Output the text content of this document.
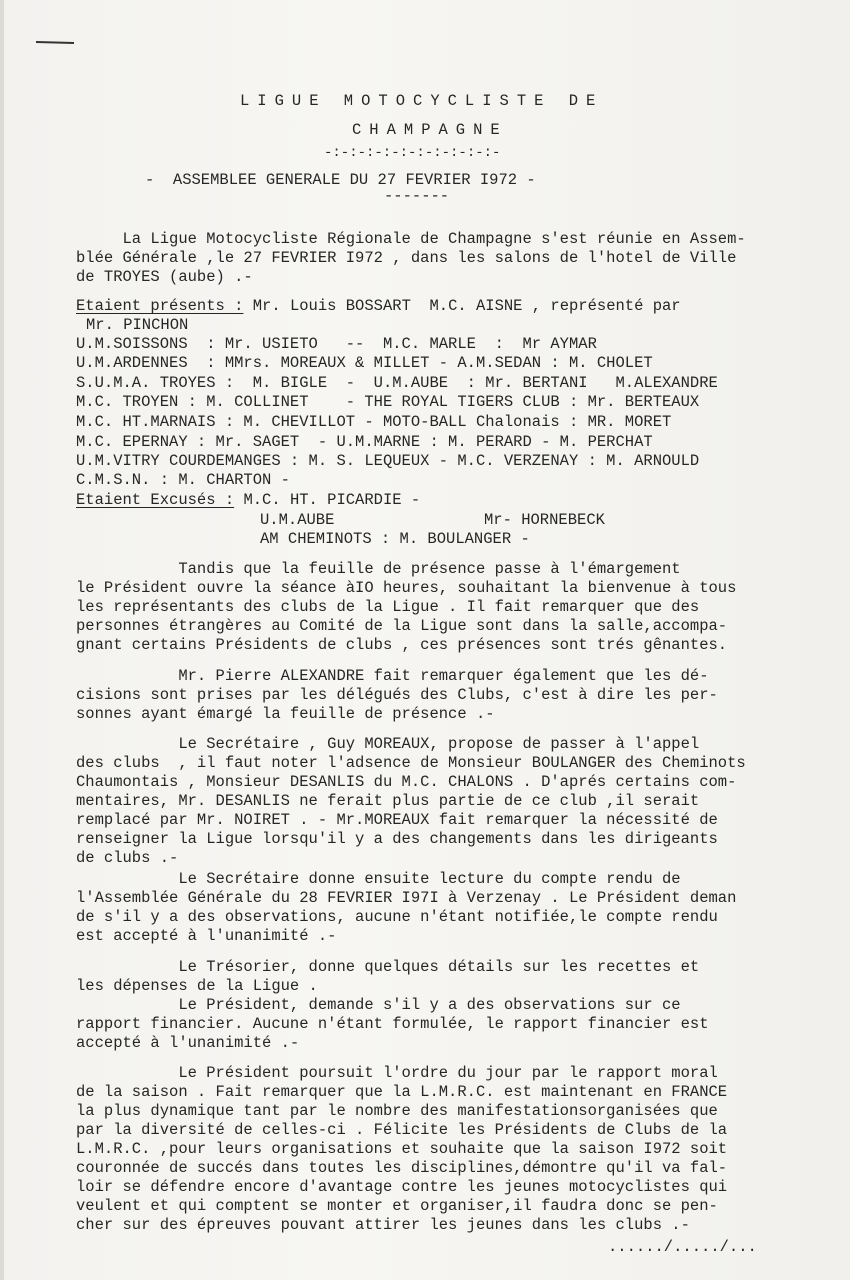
LIGUE MOTOCYCLISTE DE
CHAMPAGNE
-:-:-:-:-:-:-:-:-:-:-
-  ASSEMBLEE GENERALE DU 27 FEVRIER I972 -
-------
La Ligue Motocycliste Régionale de Champagne s'est réunie en Assem-
blée Générale ,le 27 FEVRIER I972 , dans les salons de l'hotel de Ville
de TROYES (aube) .-
Etaient présents : Mr. Louis BOSSART  M.C. AISNE , représenté par
Mr. PINCHON
U.M.SOISSONS  : Mr. USIETO   --  M.C. MARLE  :  Mr AYMAR
U.M.ARDENNES  : MMrs. MOREAUX & MILLET - A.M.SEDAN : M. CHOLET
S.U.M.A. TROYES :  M. BIGLE  -  U.M.AUBE  : Mr. BERTANI   M.ALEXANDRE
M.C. TROYEN : M. COLLINET    - THE ROYAL TIGERS CLUB : Mr. BERTEAUX
M.C. HT.MARNAIS : M. CHEVILLOT - MOTO-BALL Chalonais : MR. MORET
M.C. EPERNAY : Mr. SAGET  - U.M.MARNE : M. PERARD - M. PERCHAT
U.M.VITRY COURDEMANGES : M. S. LEQUEUX - M.C. VERZENAY : M. ARNOULD
C.M.S.N. : M. CHARTON -
Etaient Excusés : M.C. HT. PICARDIE -
U.M.AUBE	Mr- HORNEBECK
AM CHEMINOTS : M. BOULANGER -
Tandis que la feuille de présence passe à l'émargement
le Président ouvre la séance àIO heures, souhaitant la bienvenue à tous
les représentants des clubs de la Ligue . Il fait remarquer que des
personnes étrangères au Comité de la Ligue sont dans la salle,accompa-
gnant certains Présidents de clubs , ces présences sont trés gênantes.
Mr. Pierre ALEXANDRE fait remarquer également que les dé-
cisions sont prises par les délégués des Clubs, c'est à dire les per-
sonnes ayant émargé la feuille de présence .-
Le Secrétaire , Guy MOREAUX, propose de passer à l'appel
des clubs  , il faut noter l'adsence de Monsieur BOULANGER des Cheminots
Chaumontais , Monsieur DESANLIS du M.C. CHALONS . D'aprés certains com-
mentaires, Mr. DESANLIS ne ferait plus partie de ce club ,il serait
remplacé par Mr. NOIRET . - Mr.MOREAUX fait remarquer la nécessité de
renseigner la Ligue lorsqu'il y a des changements dans les dirigeants
de clubs .-
Le Secrétaire donne ensuite lecture du compte rendu de
l'Assemblée Générale du 28 FEVRIER I97I à Verzenay . Le Président deman
de s'il y a des observations, aucune n'étant notifiée,le compte rendu
est accepté à l'unanimité .-
Le Trésorier, donne quelques détails sur les recettes et
les dépenses de la Ligue .
Le Président, demande s'il y a des observations sur ce
rapport financier. Aucune n'étant formulée, le rapport financier est
accepté à l'unanimité .-
Le Président poursuit l'ordre du jour par le rapport moral
de la saison . Fait remarquer que la L.M.R.C. est maintenant en FRANCE
la plus dynamique tant par le nombre des manifestationsorganisées que
par la diversité de celles-ci . Félicite les Présidents de Clubs de la
L.M.R.C. ,pour leurs organisations et souhaite que la saison I972 soit
couronnée de succés dans toutes les disciplines,démontre qu'il va fal-
loir se défendre encore d'avantage contre les jeunes motocyclistes qui
veulent et qui comptent se monter et organiser,il faudra donc se pen-
cher sur des épreuves pouvant attirer les jeunes dans les clubs .-
....../...../...
